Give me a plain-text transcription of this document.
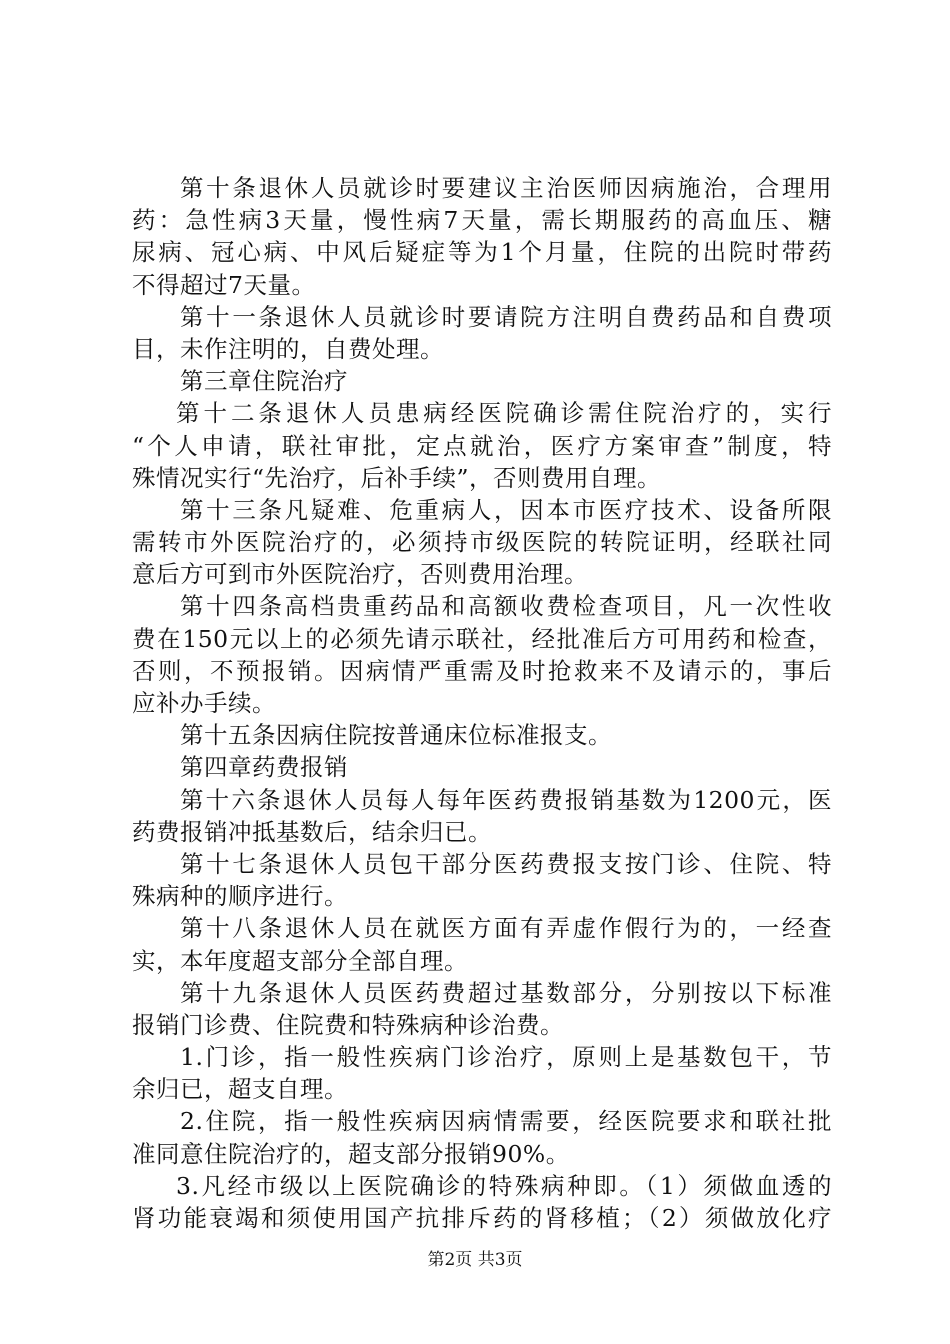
第十条退休人员就诊时要建议主治医师因病施治，合理用
药：急性病3天量，慢性病7天量，需长期服药的高血压、糖
尿病、冠心病、中风后疑症等为1个月量，住院的出院时带药
不得超过7天量。
第十一条退休人员就诊时要请院方注明自费药品和自费项
目，未作注明的，自费处理。
第三章住院治疗
第十二条退休人员患病经医院确诊需住院治疗的，实行
“个人申请，联社审批，定点就治，医疗方案审查”制度，特
殊情况实行“先治疗，后补手续”，否则费用自理。
第十三条凡疑难、危重病人，因本市医疗技术、设备所限
需转市外医院治疗的，必须持市级医院的转院证明，经联社同
意后方可到市外医院治疗，否则费用治理。
第十四条高档贵重药品和高额收费检查项目，凡一次性收
费在150元以上的必须先请示联社，经批准后方可用药和检查，
否则，不预报销。因病情严重需及时抢救来不及请示的，事后
应补办手续。
第十五条因病住院按普通床位标准报支。
第四章药费报销
第十六条退休人员每人每年医药费报销基数为1200元，医
药费报销冲抵基数后，结余归已。
第十七条退休人员包干部分医药费报支按门诊、住院、特
殊病种的顺序进行。
第十八条退休人员在就医方面有弄虚作假行为的，一经查
实，本年度超支部分全部自理。
第十九条退休人员医药费超过基数部分，分别按以下标准
报销门诊费、住院费和特殊病种诊治费。
1.门诊，指一般性疾病门诊治疗，原则上是基数包干，节
余归已，超支自理。
2.住院，指一般性疾病因病情需要，经医院要求和联社批
准同意住院治疗的，超支部分报销90%。
3.凡经市级以上医院确诊的特殊病种即。（1）须做血透的
肾功能衰竭和须使用国产抗排斥药的肾移植；（2）须做放化疗
第2页 共3页
